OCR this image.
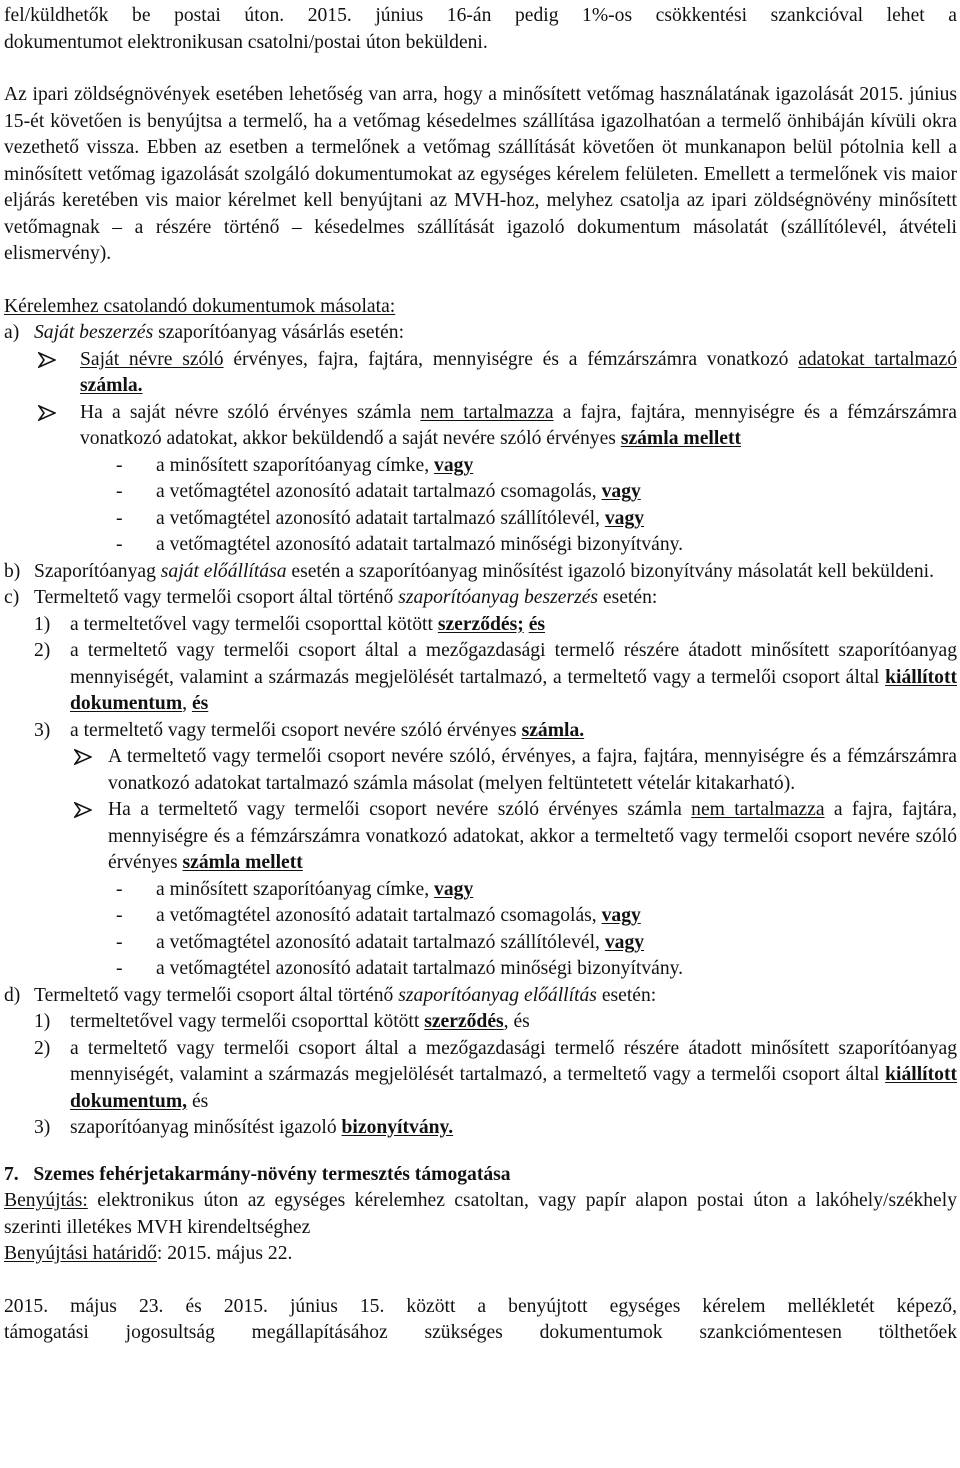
fel/küldhetők be postai úton. 2015. június 16-án pedig 1%-os csökkentési szankcióval lehet a

dokumentumot elektronikusan csatolni/postai úton beküldeni.

Az ipari zöldségnövények esetében lehetőség van arra, hogy a minősített vetőmag használatának igazolását 2015. június 15-ét követően is benyújtsa a termelő, ha a vetőmag késedelmes szállítása igazolhatóan a termelő önhibáján kívüli okra vezethető vissza. Ebben az esetben a termelőnek a vetőmag szállítását követően öt munkanapon belül pótolnia kell a minősített vetőmag igazolását szolgáló dokumentumokat az egységes kérelem felületen. Emellett a termelőnek vis maior eljárás keretében vis maior kérelmet kell benyújtani az MVH-hoz, melyhez csatolja az ipari zöldségnövény minősített vetőmagnak – a részére történő – késedelmes szállítását igazoló dokumentum másolatát (szállítólevél, átvételi elismervény).

Kérelemhez csatolandó dokumentumok másolata:

a) Saját beszerzés szaporítóanyag vásárlás esetén:

Saját névre szóló érvényes, fajra, fajtára, mennyiségre és a fémzárszámra vonatkozó adatokat tartalmazó számla.

Ha a saját névre szóló érvényes számla nem tartalmazza a fajra, fajtára, mennyiségre és a fémzárszámra vonatkozó adatokat, akkor beküldendő a saját nevére szóló érvényes számla mellett

- a minősített szaporítóanyag címke, vagy

- a vetőmagtétel azonosító adatait tartalmazó csomagolás, vagy

- a vetőmagtétel azonosító adatait tartalmazó szállítólevél, vagy

- a vetőmagtétel azonosító adatait tartalmazó minőségi bizonyítvány.

b) Szaporítóanyag saját előállítása esetén a szaporítóanyag minősítést igazoló bizonyítvány másolatát kell beküldeni.

c) Termeltető vagy termelői csoport által történő szaporítóanyag beszerzés esetén:

1) a termeltetővel vagy termelői csoporttal kötött szerződés; és

2) a termeltető vagy termelői csoport által a mezőgazdasági termelő részére átadott minősített szaporítóanyag mennyiségét, valamint a származás megjelölését tartalmazó, a termeltető vagy a termelői csoport által kiállított dokumentum, és

3) a termeltető vagy termelői csoport nevére szóló érvényes számla.

A termeltető vagy termelői csoport nevére szóló, érvényes, a fajra, fajtára, mennyiségre és a fémzárszámra vonatkozó adatokat tartalmazó számla másolat (melyen feltüntetett vételár kitakarható).

Ha a termeltető vagy termelői csoport nevére szóló érvényes számla nem tartalmazza a fajra, fajtára, mennyiségre és a fémzárszámra vonatkozó adatokat, akkor a termeltető vagy termelői csoport nevére szóló érvényes számla mellett

- a minősített szaporítóanyag címke, vagy

- a vetőmagtétel azonosító adatait tartalmazó csomagolás, vagy

- a vetőmagtétel azonosító adatait tartalmazó szállítólevél, vagy

- a vetőmagtétel azonosító adatait tartalmazó minőségi bizonyítvány.

d) Termeltető vagy termelői csoport által történő szaporítóanyag előállítás esetén:

1) termeltetővel vagy termelői csoporttal kötött szerződés, és

2) a termeltető vagy termelői csoport által a mezőgazdasági termelő részére átadott minősített szaporítóanyag mennyiségét, valamint a származás megjelölését tartalmazó, a termeltető vagy a termelői csoport által kiállított dokumentum, és

3) szaporítóanyag minősítést igazoló bizonyítvány.

7. Szemes fehérjetakarmány-növény termesztés támogatása

Benyújtás: elektronikus úton az egységes kérelemhez csatoltan, vagy papír alapon postai úton a lakóhely/székhely szerinti illetékes MVH kirendeltséghez

Benyújtási határidő: 2015. május 22.

2015. május 23. és 2015. június 15. között a benyújtott egységes kérelem mellékletét képező,

támogatási jogosultság megállapításához szükséges dokumentumok szankciómentesen tölthetőek
